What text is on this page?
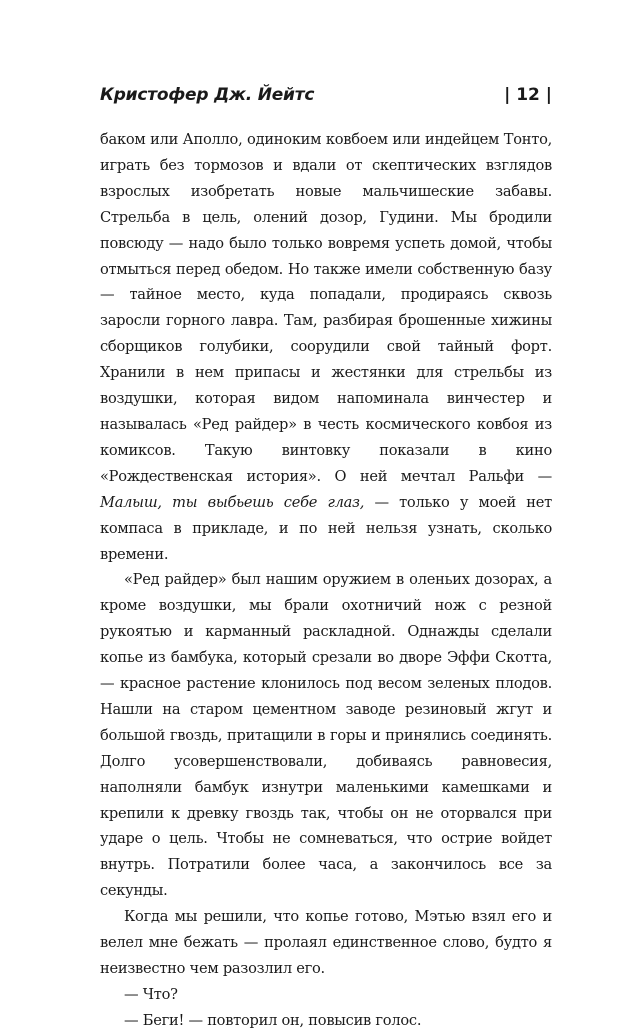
Кристофер Дж. Йейтс	| 12 |

баком или Аполло, одиноким ковбоем или индейцем Тонто, играть без тормозов и вдали от скептических взглядов взрослых изобретать новые мальчишеские забавы. Стрельба в цель, олений дозор, Гудини. Мы бродили повсюду — надо было только вовремя успеть домой, чтобы отмыться перед обедом. Но также имели собственную базу — тайное место, куда попадали, продираясь сквозь заросли горного лавра. Там, разбирая брошенные хижины сборщиков голубики, соорудили свой тайный форт. Хранили в нем припасы и жестянки для стрельбы из воздушки, которая видом напоминала винчестер и называлась «Ред райдер» в честь космического ковбоя из комиксов. Такую винтовку показали в кино «Рождественская история». О ней мечтал Ральфи — Малыш, ты выбьешь себе глаз, — только у моей нет компаса в прикладе, и по ней нельзя узнать, сколько времени.

«Ред райдер» был нашим оружием в оленьих дозорах, а кроме воздушки, мы брали охотничий нож с резной рукоятью и карманный раскладной. Однажды сделали копье из бамбука, который срезали во дворе Эффи Скотта, — красное растение клонилось под весом зеленых плодов. Нашли на старом цементном заводе резиновый жгут и большой гвоздь, притащили в горы и принялись соединять. Долго усовершенствовали, добиваясь равновесия, наполняли бамбук изнутри маленькими камешками и крепили к древку гвоздь так, чтобы он не оторвался при ударе о цель. Чтобы не сомневаться, что острие войдет внутрь. Потратили более часа, а закончилось все за секунды.

Когда мы решили, что копье готово, Мэтью взял его и велел мне бежать — пролаял единственное слово, будто я неизвестно чем разозлил его.

— Что?

— Беги! — повторил он, повысив голос.
